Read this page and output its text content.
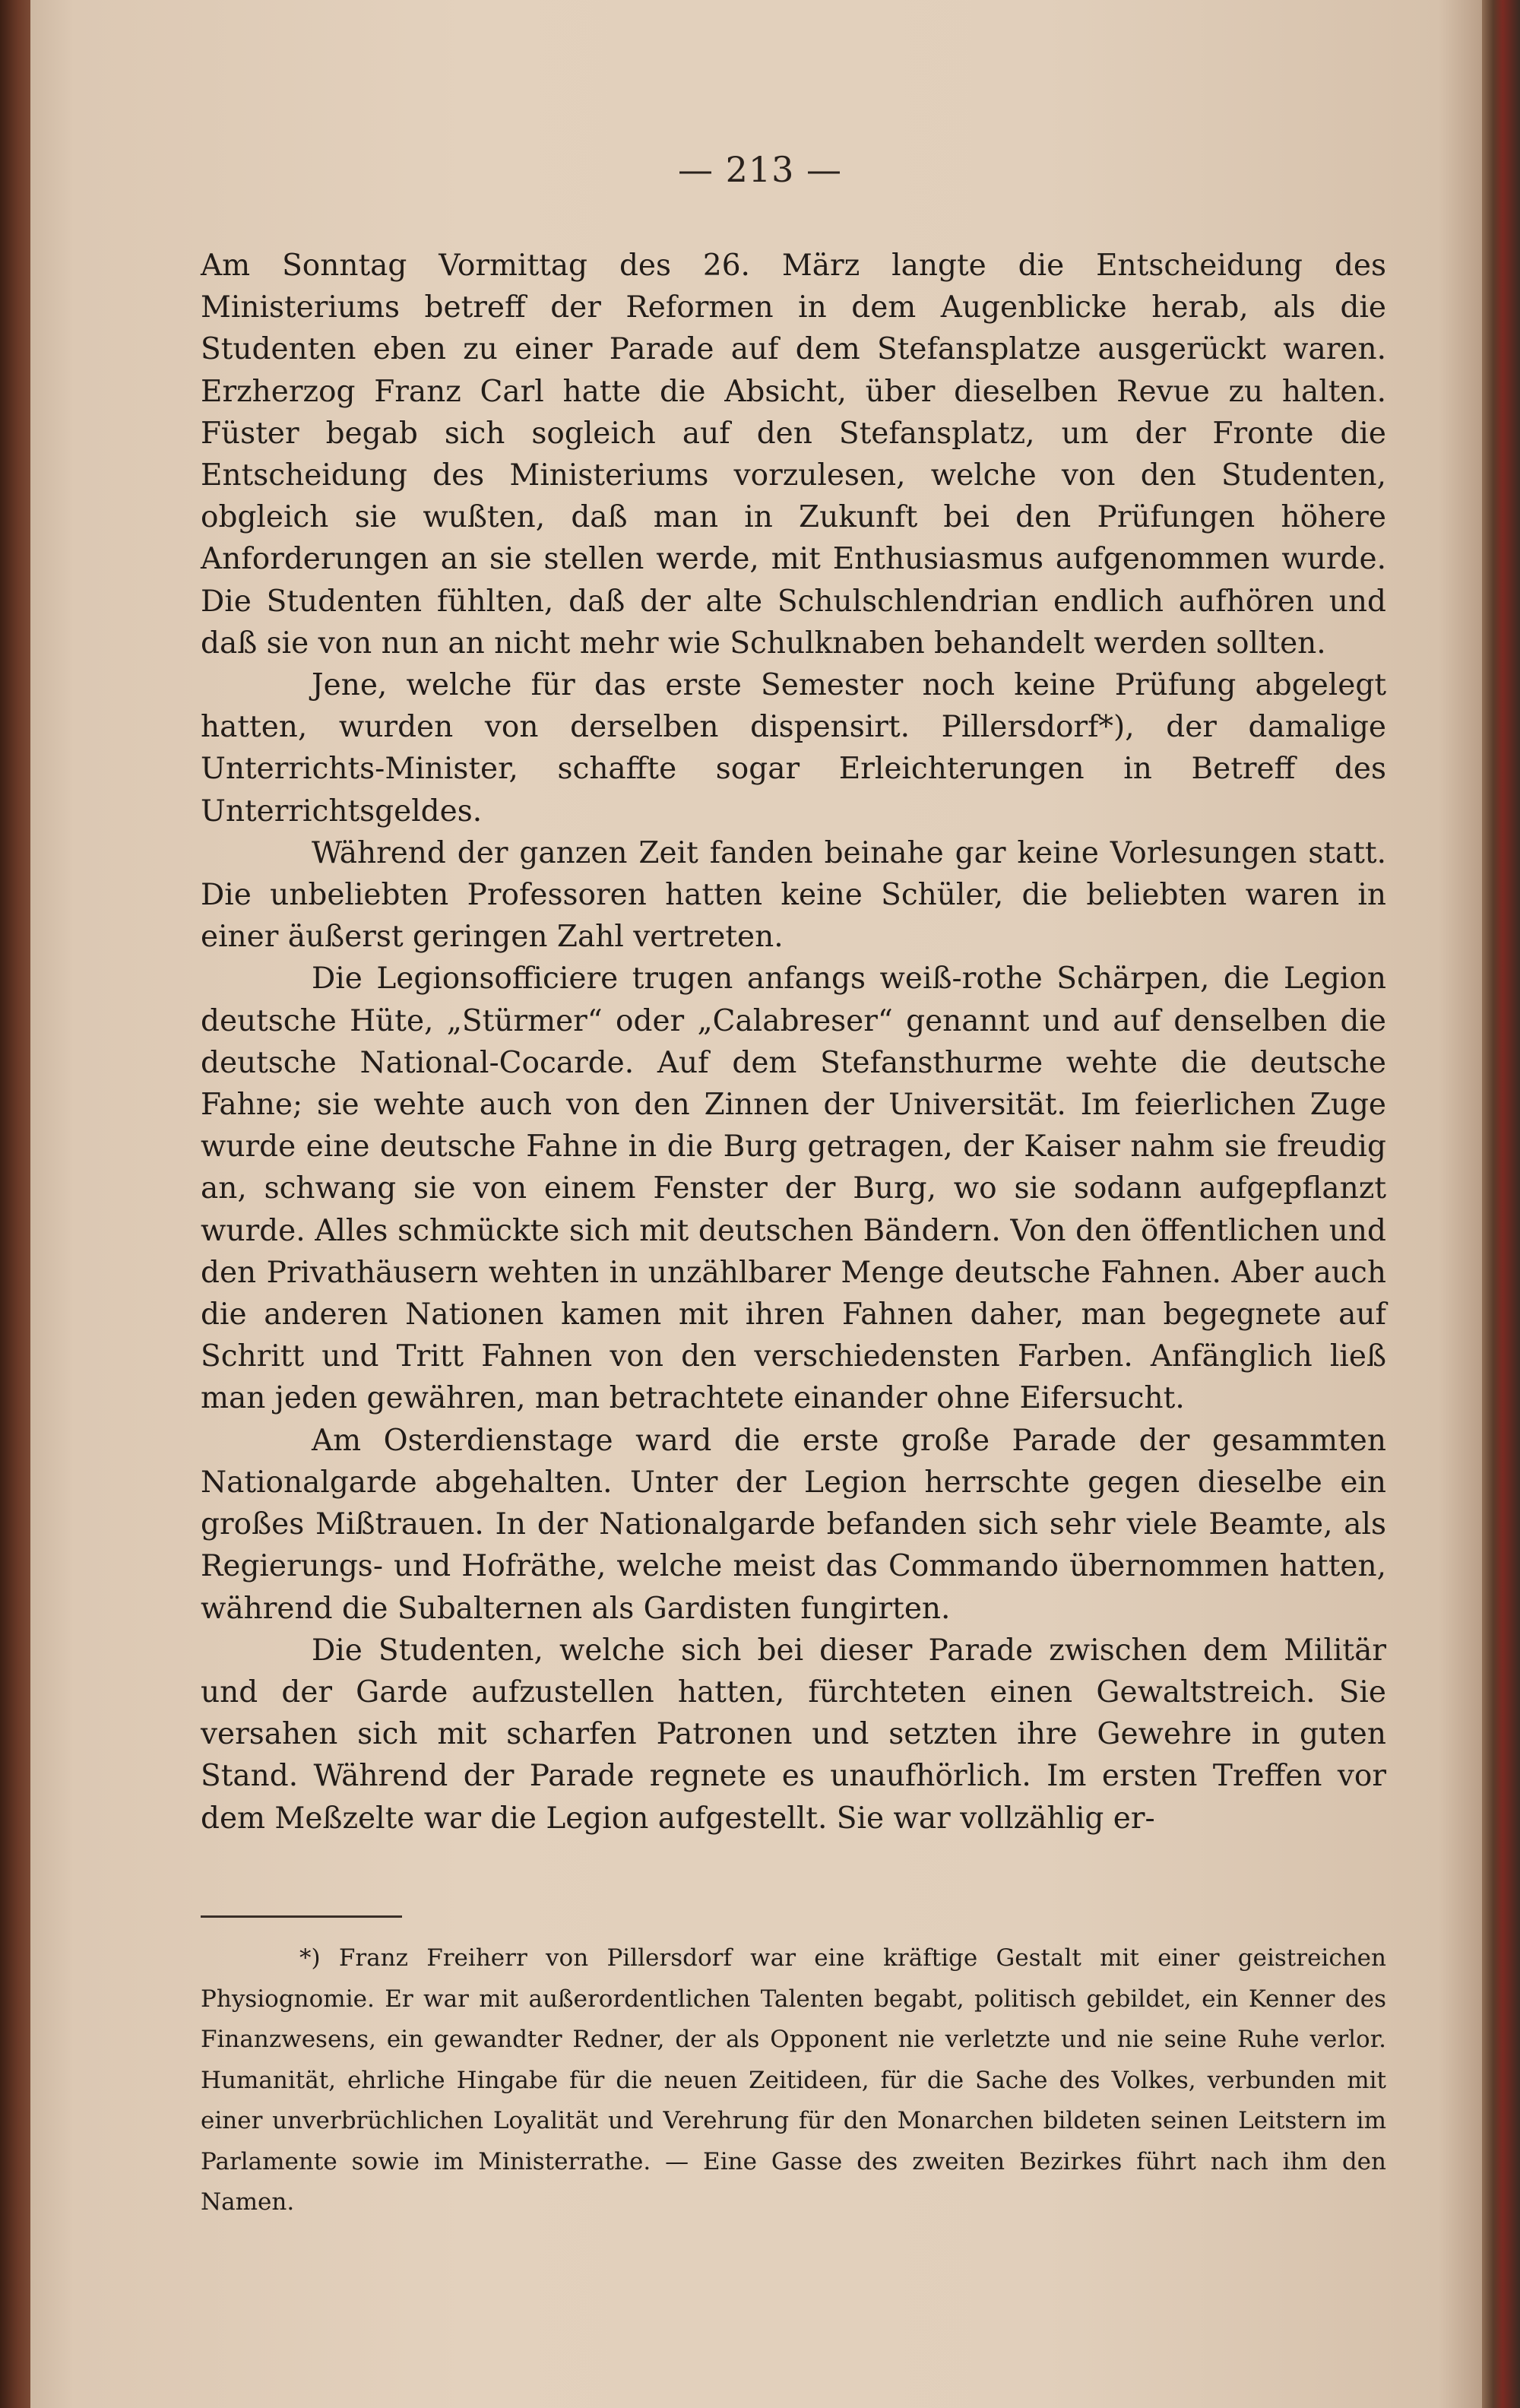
— 213 —

Am Sonntag Vormittag des 26. März langte die Entscheidung des Ministeriums betreff der Reformen in dem Augenblicke herab, als die Studenten eben zu einer Parade auf dem Stefansplatze ausgerückt waren. Erzherzog Franz Carl hatte die Absicht, über dieselben Revue zu halten. Füster begab sich sogleich auf den Stefansplatz, um der Fronte die Entscheidung des Ministeriums vorzulesen, welche von den Studenten, obgleich sie wußten, daß man in Zukunft bei den Prüfungen höhere Anforderungen an sie stellen werde, mit Enthusiasmus aufgenommen wurde. Die Studenten fühlten, daß der alte Schulschlendrian endlich aufhören und daß sie von nun an nicht mehr wie Schulknaben behandelt werden sollten.

Jene, welche für das erste Semester noch keine Prüfung abgelegt hatten, wurden von derselben dispensirt. Pillersdorf*), der damalige Unterrichts-Minister, schaffte sogar Erleichterungen in Betreff des Unterrichtsgeldes.

Während der ganzen Zeit fanden beinahe gar keine Vorlesungen statt. Die unbeliebten Professoren hatten keine Schüler, die beliebten waren in einer äußerst geringen Zahl vertreten.

Die Legionsofficiere trugen anfangs weiß-rothe Schärpen, die Legion deutsche Hüte, „Stürmer“ oder „Calabreser“ genannt und auf denselben die deutsche National-Cocarde. Auf dem Stefansthurme wehte die deutsche Fahne; sie wehte auch von den Zinnen der Universität. Im feierlichen Zuge wurde eine deutsche Fahne in die Burg getragen, der Kaiser nahm sie freudig an, schwang sie von einem Fenster der Burg, wo sie sodann aufgepflanzt wurde. Alles schmückte sich mit deutschen Bändern. Von den öffentlichen und den Privathäusern wehten in unzählbarer Menge deutsche Fahnen. Aber auch die anderen Nationen kamen mit ihren Fahnen daher, man begegnete auf Schritt und Tritt Fahnen von den verschiedensten Farben. Anfänglich ließ man jeden gewähren, man betrachtete einander ohne Eifersucht.

Am Osterdienstage ward die erste große Parade der gesammten Nationalgarde abgehalten. Unter der Legion herrschte gegen dieselbe ein großes Mißtrauen. In der Nationalgarde befanden sich sehr viele Beamte, als Regierungs- und Hofräthe, welche meist das Commando übernommen hatten, während die Subalternen als Gardisten fungirten.

Die Studenten, welche sich bei dieser Parade zwischen dem Militär und der Garde aufzustellen hatten, fürchteten einen Gewaltstreich. Sie versahen sich mit scharfen Patronen und setzten ihre Gewehre in guten Stand. Während der Parade regnete es unaufhörlich. Im ersten Treffen vor dem Meßzelte war die Legion aufgestellt. Sie war vollzählig er-

*) Franz Freiherr von Pillersdorf war eine kräftige Gestalt mit einer geistreichen Physiognomie. Er war mit außerordentlichen Talenten begabt, politisch gebildet, ein Kenner des Finanzwesens, ein gewandter Redner, der als Opponent nie verletzte und nie seine Ruhe verlor. Humanität, ehrliche Hingabe für die neuen Zeitideen, für die Sache des Volkes, verbunden mit einer unverbrüchlichen Loyalität und Verehrung für den Monarchen bildeten seinen Leitstern im Parlamente sowie im Ministerrathe. — Eine Gasse des zweiten Bezirkes führt nach ihm den Namen.
